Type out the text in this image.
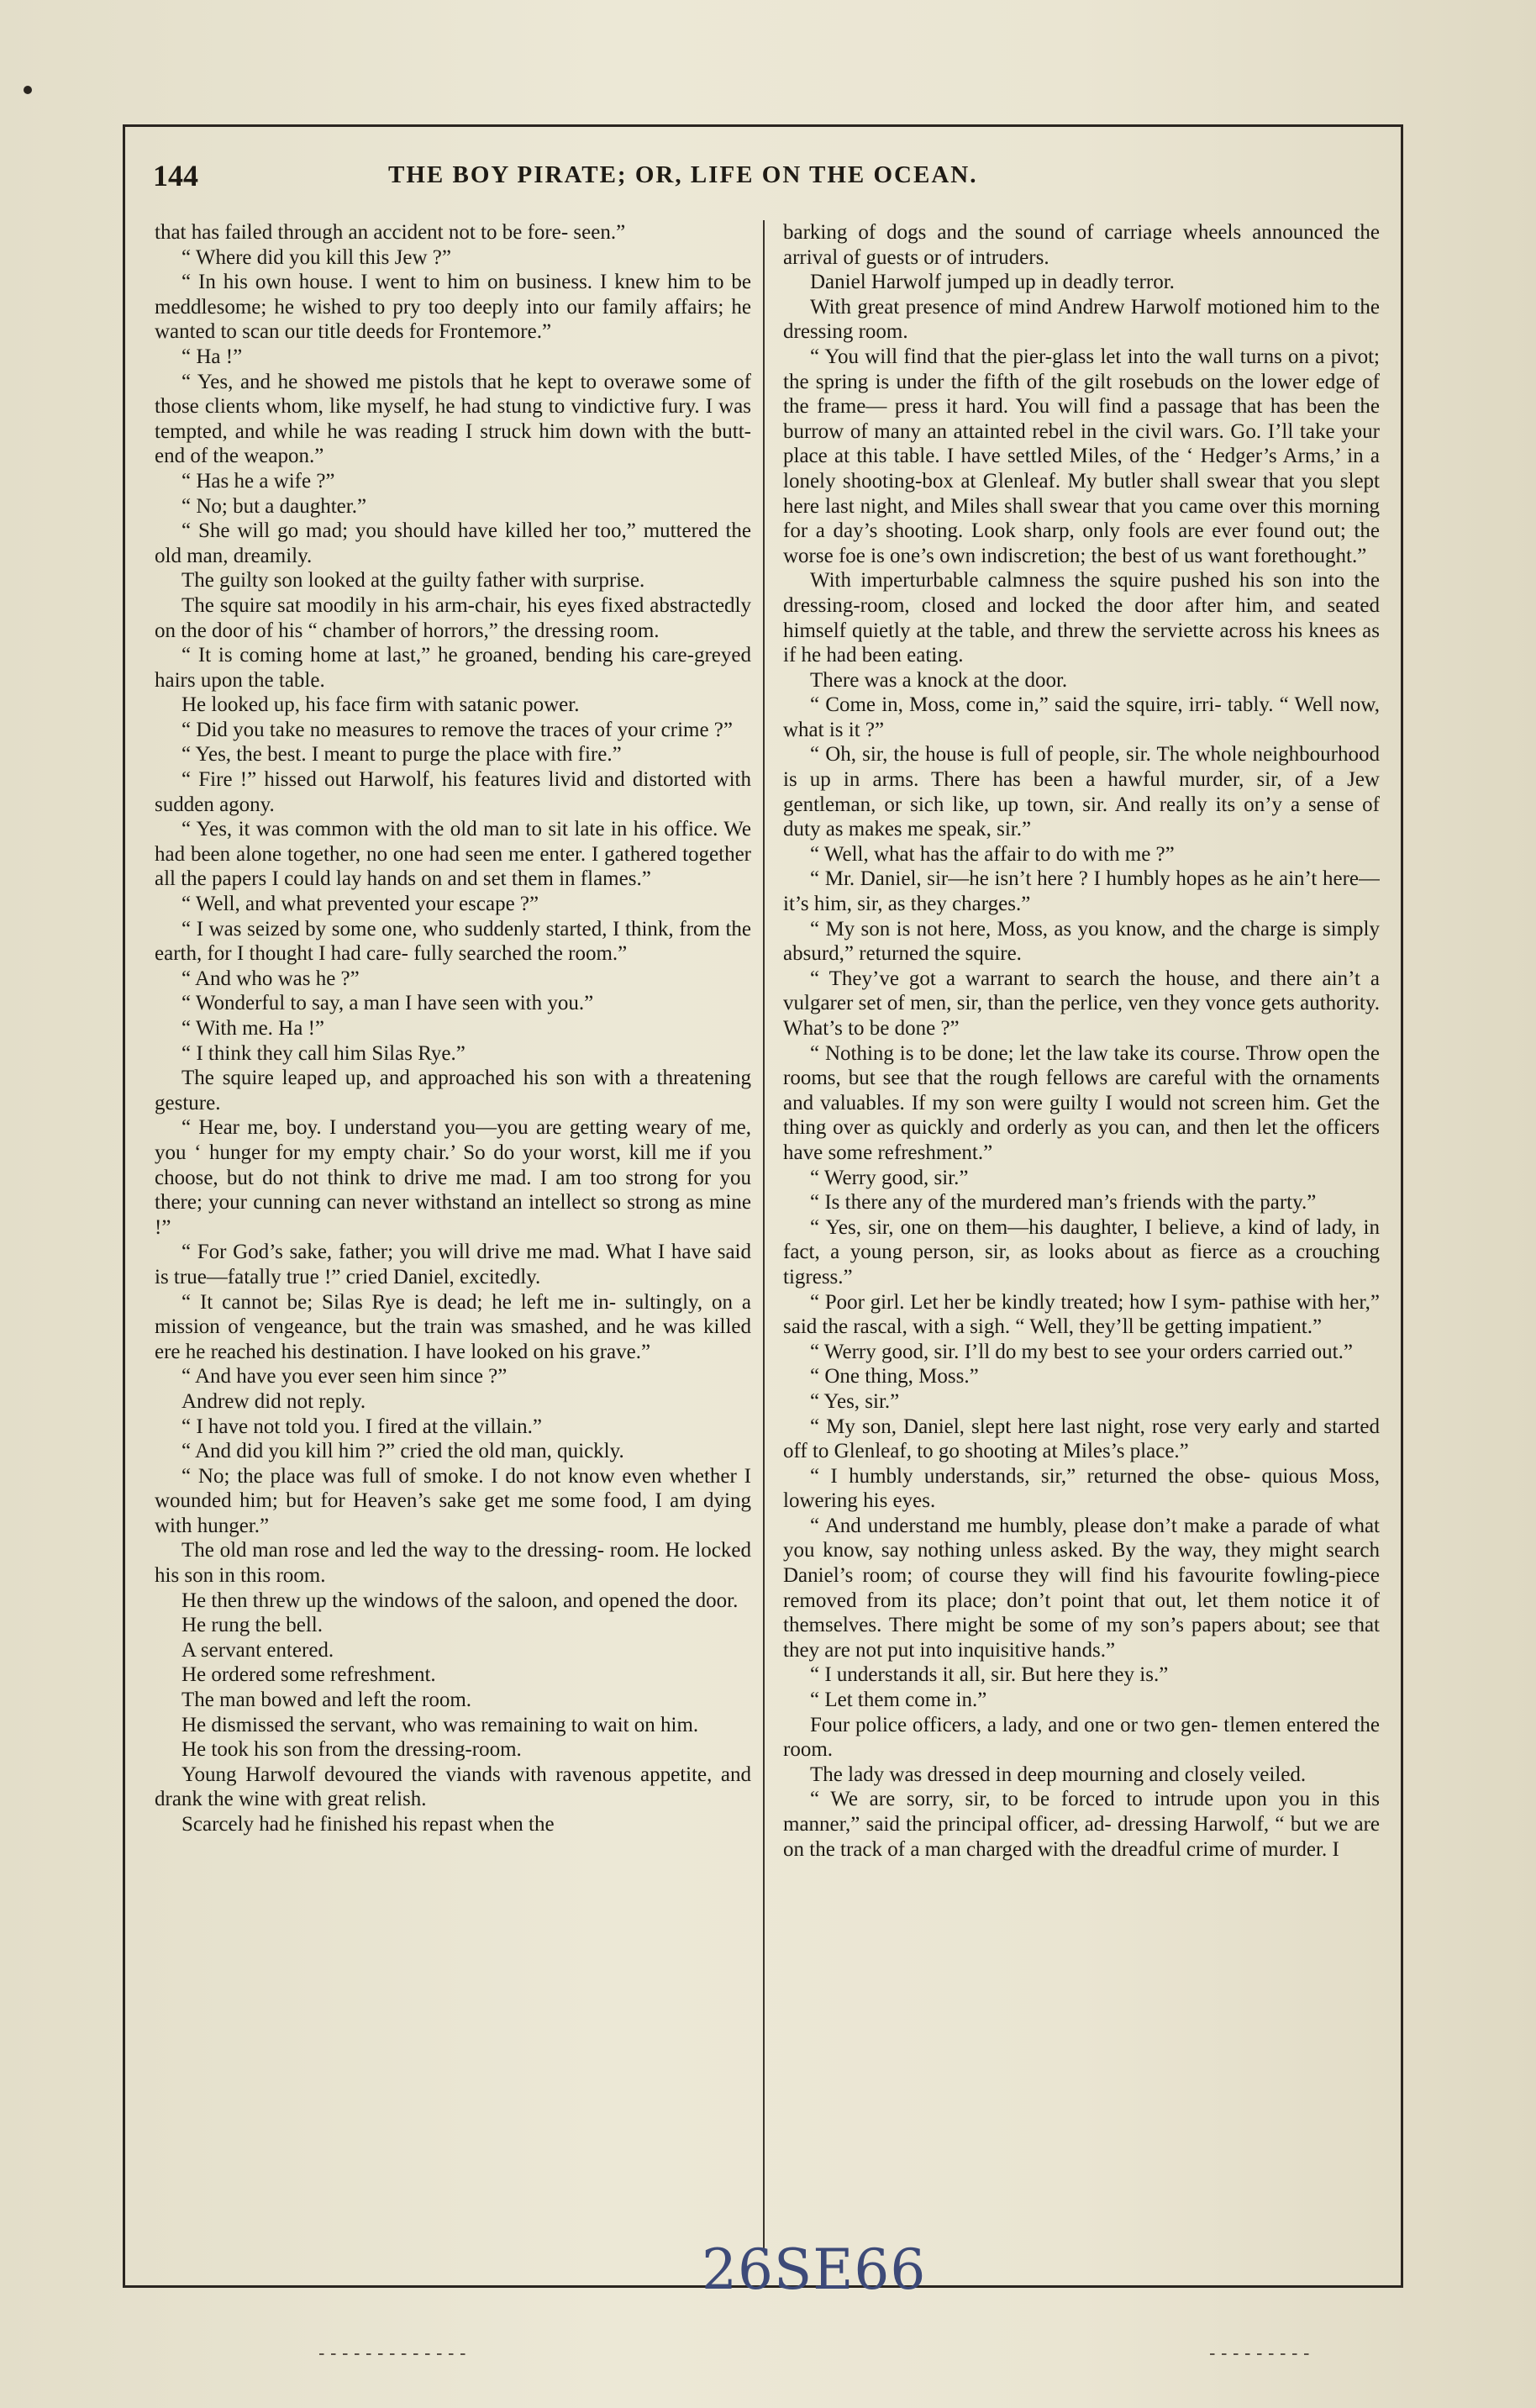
144	THE BOY PIRATE; OR, LIFE ON THE OCEAN.

that has failed through an accident not to be fore- seen.”

“ Where did you kill this Jew ?”

“ In his own house. I went to him on business. I knew him to be meddlesome; he wished to pry too deeply into our family affairs; he wanted to scan our title deeds for Frontemore.”

“ Ha !”

“ Yes, and he showed me pistols that he kept to overawe some of those clients whom, like myself, he had stung to vindictive fury. I was tempted, and while he was reading I struck him down with the butt-end of the weapon.”

“ Has he a wife ?”

“ No; but a daughter.”

“ She will go mad; you should have killed her too,” muttered the old man, dreamily.

The guilty son looked at the guilty father with surprise.

The squire sat moodily in his arm-chair, his eyes fixed abstractedly on the door of his “ chamber of horrors,” the dressing room.

“ It is coming home at last,” he groaned, bending his care-greyed hairs upon the table.

He looked up, his face firm with satanic power.

“ Did you take no measures to remove the traces of your crime ?”

“ Yes, the best. I meant to purge the place with fire.”

“ Fire !” hissed out Harwolf, his features livid and distorted with sudden agony.

“ Yes, it was common with the old man to sit late in his office. We had been alone together, no one had seen me enter. I gathered together all the papers I could lay hands on and set them in flames.”

“ Well, and what prevented your escape ?”

“ I was seized by some one, who suddenly started, I think, from the earth, for I thought I had care- fully searched the room.”

“ And who was he ?”

“ Wonderful to say, a man I have seen with you.”

“ With me. Ha !”

“ I think they call him Silas Rye.”

The squire leaped up, and approached his son with a threatening gesture.

“ Hear me, boy. I understand you—you are getting weary of me, you ‘ hunger for my empty chair.’ So do your worst, kill me if you choose, but do not think to drive me mad. I am too strong for you there; your cunning can never withstand an intellect so strong as mine !”

“ For God’s sake, father; you will drive me mad. What I have said is true—fatally true !” cried Daniel, excitedly.

“ It cannot be; Silas Rye is dead; he left me in- sultingly, on a mission of vengeance, but the train was smashed, and he was killed ere he reached his destination. I have looked on his grave.”

“ And have you ever seen him since ?”

Andrew did not reply.

“ I have not told you. I fired at the villain.”

“ And did you kill him ?” cried the old man, quickly.

“ No; the place was full of smoke. I do not know even whether I wounded him; but for Heaven’s sake get me some food, I am dying with hunger.”

The old man rose and led the way to the dressing- room. He locked his son in this room.

He then threw up the windows of the saloon, and opened the door.

He rung the bell.

A servant entered.

He ordered some refreshment.

The man bowed and left the room.

He dismissed the servant, who was remaining to wait on him.

He took his son from the dressing-room.

Young Harwolf devoured the viands with ravenous appetite, and drank the wine with great relish.

Scarcely had he finished his repast when the

barking of dogs and the sound of carriage wheels announced the arrival of guests or of intruders.

Daniel Harwolf jumped up in deadly terror.

With great presence of mind Andrew Harwolf motioned him to the dressing room.

“ You will find that the pier-glass let into the wall turns on a pivot; the spring is under the fifth of the gilt rosebuds on the lower edge of the frame— press it hard. You will find a passage that has been the burrow of many an attainted rebel in the civil wars. Go. I’ll take your place at this table. I have settled Miles, of the ‘ Hedger’s Arms,’ in a lonely shooting-box at Glenleaf. My butler shall swear that you slept here last night, and Miles shall swear that you came over this morning for a day’s shooting. Look sharp, only fools are ever found out; the worse foe is one’s own indiscretion; the best of us want forethought.”

With imperturbable calmness the squire pushed his son into the dressing-room, closed and locked the door after him, and seated himself quietly at the table, and threw the serviette across his knees as if he had been eating.

There was a knock at the door.

“ Come in, Moss, come in,” said the squire, irri- tably. “ Well now, what is it ?”

“ Oh, sir, the house is full of people, sir. The whole neighbourhood is up in arms. There has been a hawful murder, sir, of a Jew gentleman, or sich like, up town, sir. And really its on’y a sense of duty as makes me speak, sir.”

“ Well, what has the affair to do with me ?”

“ Mr. Daniel, sir—he isn’t here ? I humbly hopes as he ain’t here—it’s him, sir, as they charges.”

“ My son is not here, Moss, as you know, and the charge is simply absurd,” returned the squire.

“ They’ve got a warrant to search the house, and there ain’t a vulgarer set of men, sir, than the perlice, ven they vonce gets authority. What’s to be done ?”

“ Nothing is to be done; let the law take its course. Throw open the rooms, but see that the rough fellows are careful with the ornaments and valuables. If my son were guilty I would not screen him. Get the thing over as quickly and orderly as you can, and then let the officers have some refreshment.”

“ Werry good, sir.”

“ Is there any of the murdered man’s friends with the party.”

“ Yes, sir, one on them—his daughter, I believe, a kind of lady, in fact, a young person, sir, as looks about as fierce as a crouching tigress.”

“ Poor girl. Let her be kindly treated; how I sym- pathise with her,” said the rascal, with a sigh. “ Well, they’ll be getting impatient.”

“ Werry good, sir. I’ll do my best to see your orders carried out.”

“ One thing, Moss.”

“ Yes, sir.”

“ My son, Daniel, slept here last night, rose very early and started off to Glenleaf, to go shooting at Miles’s place.”

“ I humbly understands, sir,” returned the obse- quious Moss, lowering his eyes.

“ And understand me humbly, please don’t make a parade of what you know, say nothing unless asked. By the way, they might search Daniel’s room; of course they will find his favourite fowling-piece removed from its place; don’t point that out, let them notice it of themselves. There might be some of my son’s papers about; see that they are not put into inquisitive hands.”

“ I understands it all, sir. But here they is.”

“ Let them come in.”

Four police officers, a lady, and one or two gen- tlemen entered the room.

The lady was dressed in deep mourning and closely veiled.

“ We are sorry, sir, to be forced to intrude upon you in this manner,” said the principal officer, ad- dressing Harwolf, “ but we are on the track of a man charged with the dreadful crime of murder. I

26SE66
